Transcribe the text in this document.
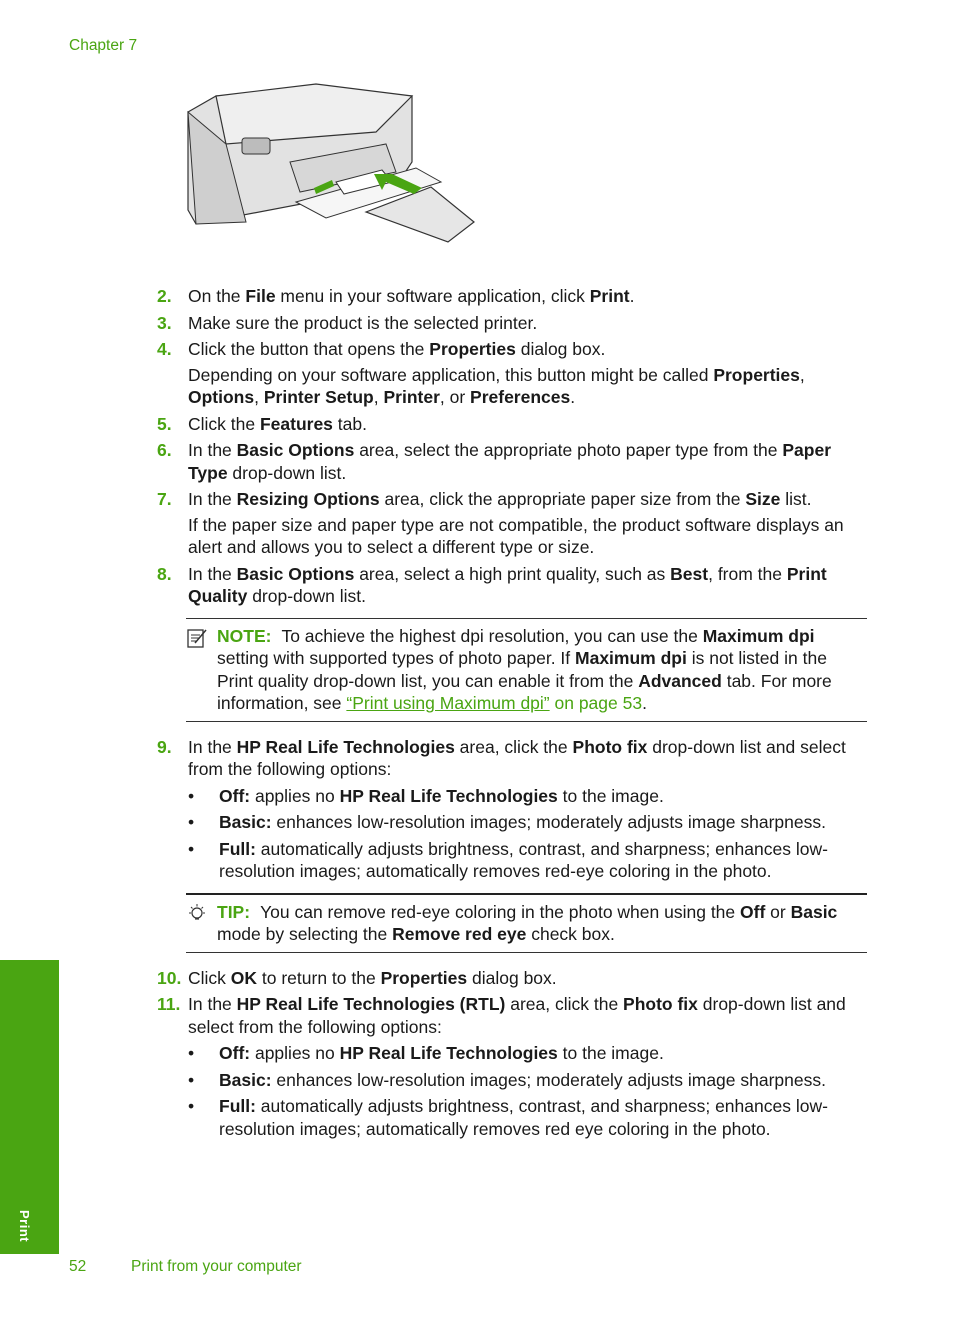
Chapter 7
2. On the File menu in your software application, click Print.
3. Make sure the product is the selected printer.
4. Click the button that opens the Properties dialog box.
Depending on your software application, this button might be called Properties, Options, Printer Setup, Printer, or Preferences.
5. Click the Features tab.
6. In the Basic Options area, select the appropriate photo paper type from the Paper Type drop-down list.
7. In the Resizing Options area, click the appropriate paper size from the Size list.
If the paper size and paper type are not compatible, the product software displays an alert and allows you to select a different type or size.
8. In the Basic Options area, select a high print quality, such as Best, from the Print Quality drop-down list.
NOTE: To achieve the highest dpi resolution, you can use the Maximum dpi setting with supported types of photo paper. If Maximum dpi is not listed in the Print quality drop-down list, you can enable it from the Advanced tab. For more information, see “Print using Maximum dpi” on page 53.
9. In the HP Real Life Technologies area, click the Photo fix drop-down list and select from the following options:
• Off: applies no HP Real Life Technologies to the image.
• Basic: enhances low-resolution images; moderately adjusts image sharpness.
• Full: automatically adjusts brightness, contrast, and sharpness; enhances low-resolution images; automatically removes red-eye coloring in the photo.
TIP: You can remove red-eye coloring in the photo when using the Off or Basic mode by selecting the Remove red eye check box.
10. Click OK to return to the Properties dialog box.
11. In the HP Real Life Technologies (RTL) area, click the Photo fix drop-down list and select from the following options:
• Off: applies no HP Real Life Technologies to the image.
• Basic: enhances low-resolution images; moderately adjusts image sharpness.
• Full: automatically adjusts brightness, contrast, and sharpness; enhances low-resolution images; automatically removes red eye coloring in the photo.
Print
52	Print from your computer
